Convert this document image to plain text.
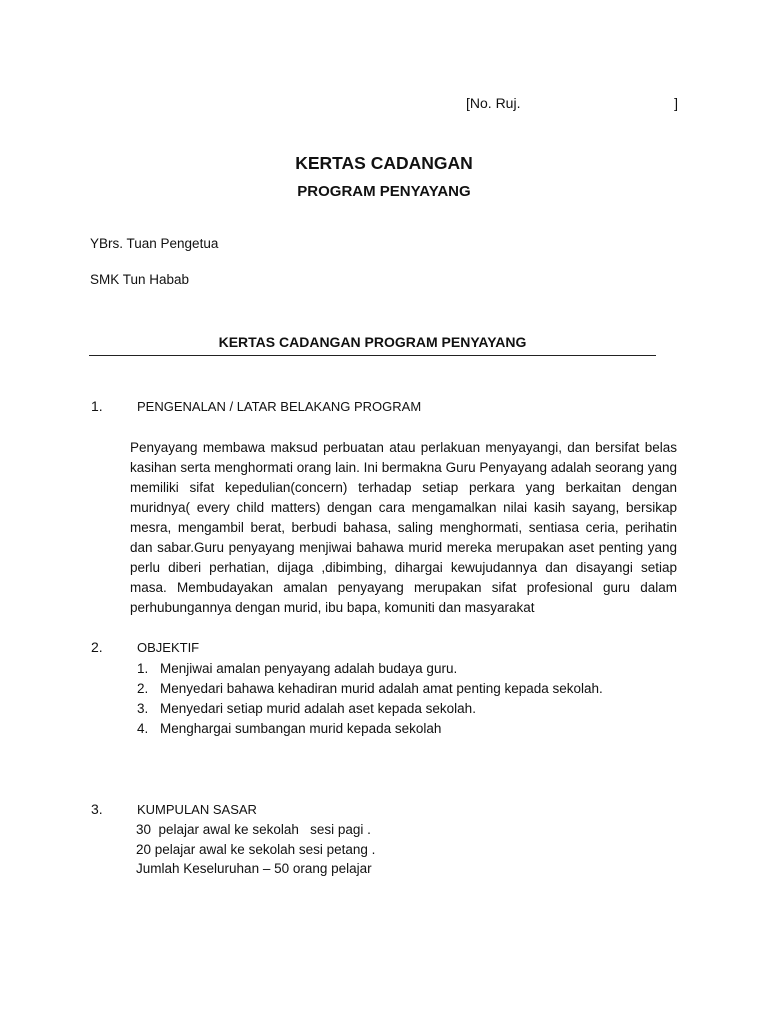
[No. Ruj.	]
KERTAS CADANGAN
PROGRAM PENYAYANG
YBrs. Tuan Pengetua
SMK Tun Habab
KERTAS CADANGAN PROGRAM PENYAYANG
1.	PENGENALAN / LATAR BELAKANG PROGRAM
Penyayang membawa maksud perbuatan atau perlakuan menyayangi, dan bersifat belas kasihan serta menghormati orang lain. Ini bermakna Guru Penyayang adalah seorang yang memiliki sifat kepedulian(concern) terhadap setiap perkara yang berkaitan dengan muridnya( every child matters) dengan cara mengamalkan nilai kasih sayang, bersikap mesra, mengambil berat, berbudi bahasa, saling menghormati, sentiasa ceria, perihatin dan sabar.Guru penyayang menjiwai bahawa murid mereka merupakan aset penting yang perlu diberi perhatian, dijaga ,dibimbing, dihargai kewujudannya dan disayangi setiap masa. Membudayakan amalan penyayang merupakan sifat profesional guru dalam perhubungannya dengan murid, ibu bapa, komuniti dan masyarakat
2.	OBJEKTIF
1. Menjiwai amalan penyayang adalah budaya guru.
2. Menyedari bahawa kehadiran murid adalah amat penting kepada sekolah.
3. Menyedari setiap murid adalah aset kepada sekolah.
4. Menghargai sumbangan murid kepada sekolah
3.	KUMPULAN SASAR
30  pelajar awal ke sekolah   sesi pagi .
20 pelajar awal ke sekolah sesi petang .
Jumlah Keseluruhan – 50 orang pelajar
